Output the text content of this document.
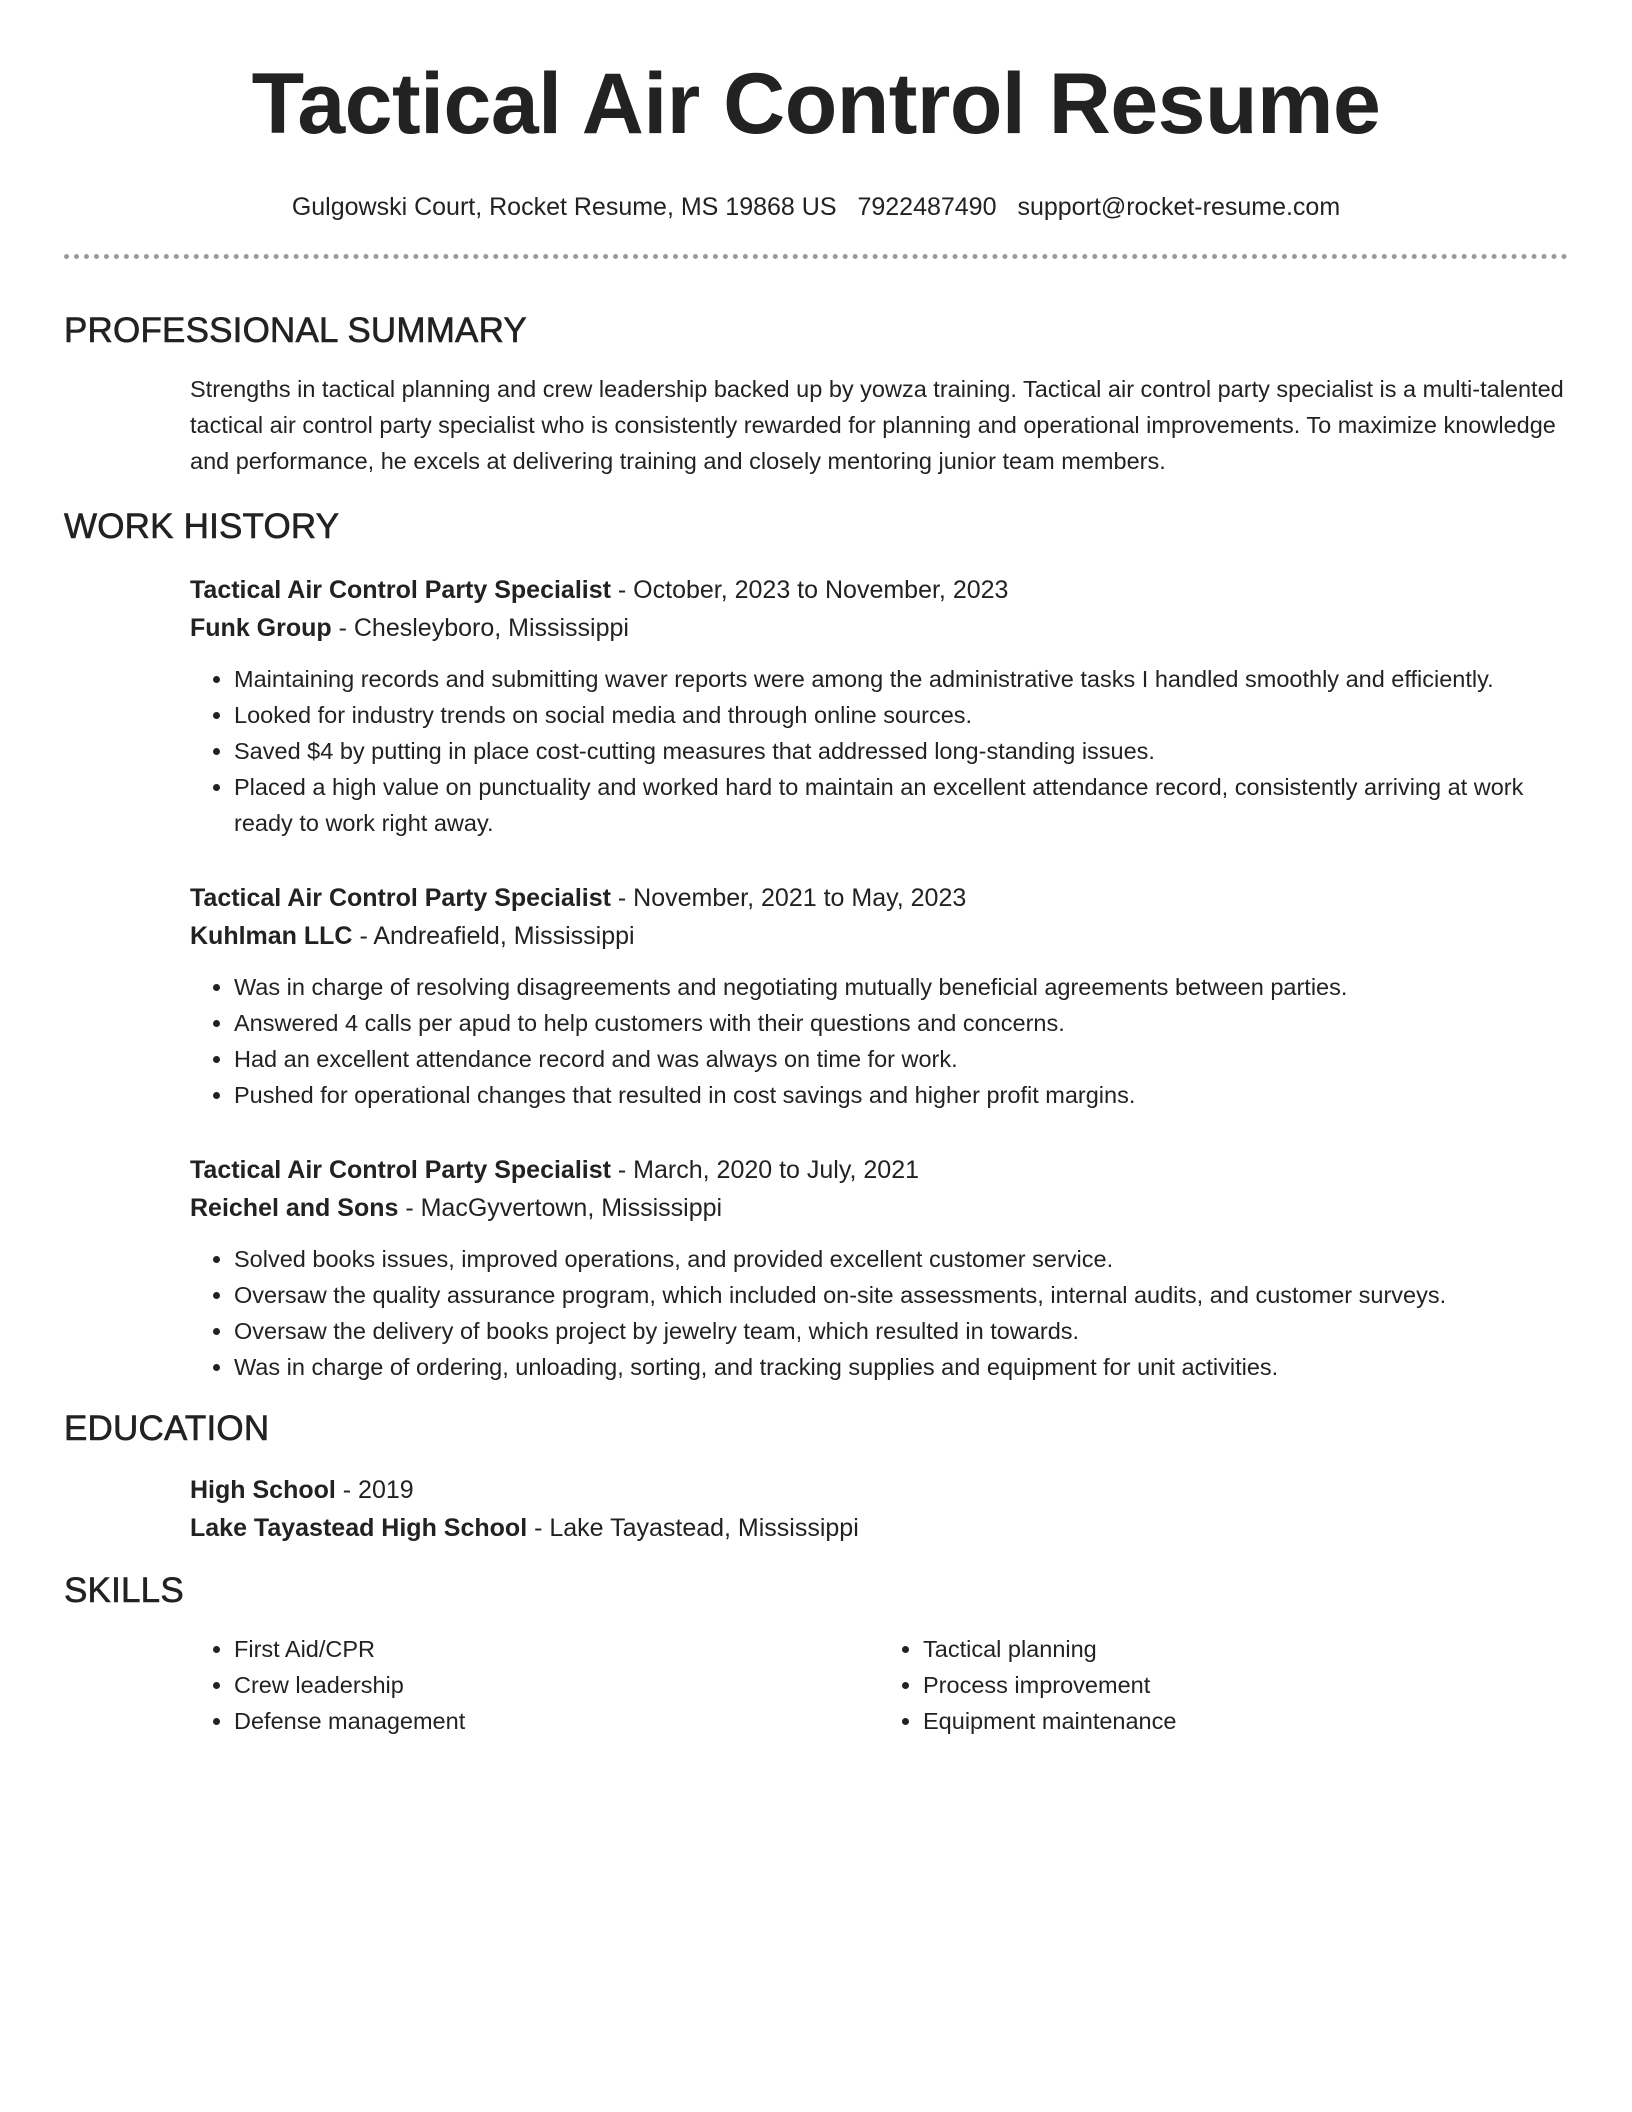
Tactical Air Control Resume
Gulgowski Court, Rocket Resume, MS 19868 US 7922487490 support@rocket-resume.com
PROFESSIONAL SUMMARY
Strengths in tactical planning and crew leadership backed up by yowza training. Tactical air control party specialist is a multi-talented tactical air control party specialist who is consistently rewarded for planning and operational improvements. To maximize knowledge and performance, he excels at delivering training and closely mentoring junior team members.
WORK HISTORY
Tactical Air Control Party Specialist - October, 2023 to November, 2023
Funk Group - Chesleyboro, Mississippi
• Maintaining records and submitting waver reports were among the administrative tasks I handled smoothly and efficiently.
• Looked for industry trends on social media and through online sources.
• Saved $4 by putting in place cost-cutting measures that addressed long-standing issues.
• Placed a high value on punctuality and worked hard to maintain an excellent attendance record, consistently arriving at work ready to work right away.
Tactical Air Control Party Specialist - November, 2021 to May, 2023
Kuhlman LLC - Andreafield, Mississippi
• Was in charge of resolving disagreements and negotiating mutually beneficial agreements between parties.
• Answered 4 calls per apud to help customers with their questions and concerns.
• Had an excellent attendance record and was always on time for work.
• Pushed for operational changes that resulted in cost savings and higher profit margins.
Tactical Air Control Party Specialist - March, 2020 to July, 2021
Reichel and Sons - MacGyvertown, Mississippi
• Solved books issues, improved operations, and provided excellent customer service.
• Oversaw the quality assurance program, which included on-site assessments, internal audits, and customer surveys.
• Oversaw the delivery of books project by jewelry team, which resulted in towards.
• Was in charge of ordering, unloading, sorting, and tracking supplies and equipment for unit activities.
EDUCATION
High School - 2019
Lake Tayastead High School - Lake Tayastead, Mississippi
SKILLS
• First Aid/CPR
• Crew leadership
• Defense management
• Tactical planning
• Process improvement
• Equipment maintenance
